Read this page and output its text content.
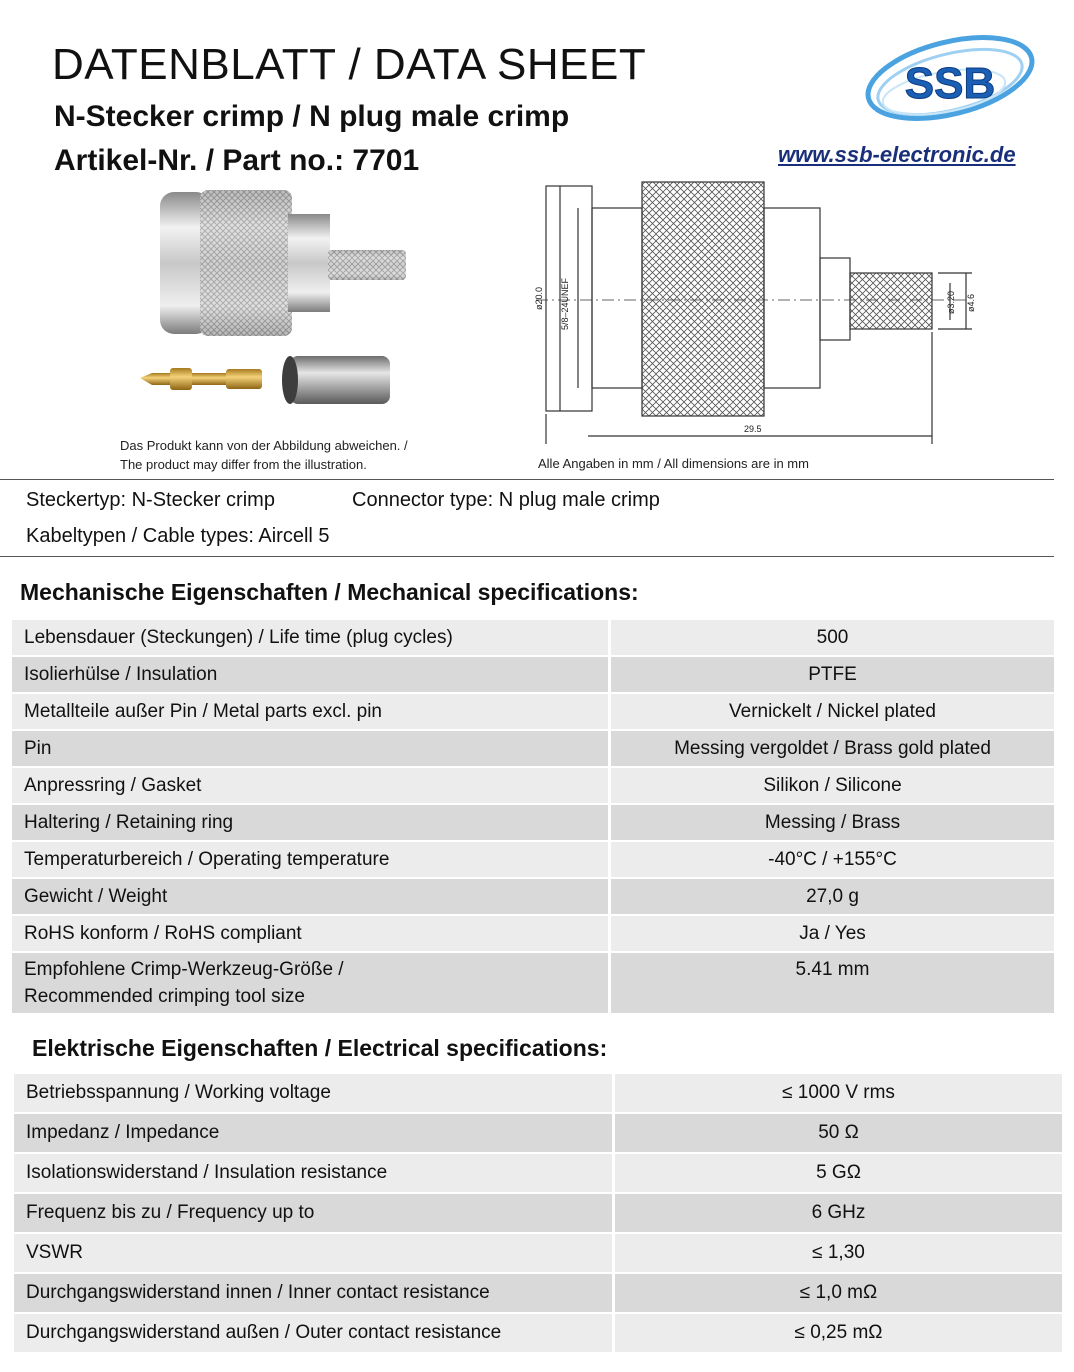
DATENBLATT / DATA SHEET
N-Stecker crimp / N plug male crimp
Artikel-Nr. / Part no.: 7701
SSB
www.ssb-electronic.de
29.5
ø20.0 5/8–24UNEF	ø3.20 ø4.6
Das Produkt kann von der Abbildung abweichen. /
The product may differ from the illustration.	Alle Angaben in mm / All dimensions are in mm
Steckertyp: N-Stecker crimp	Connector type: N plug male crimp
Kabeltypen / Cable types: Aircell 5
Mechanische Eigenschaften / Mechanical specifications:
Lebensdauer (Steckungen) / Life time (plug cycles)	500
Isolierhülse / Insulation	PTFE
Metallteile außer Pin / Metal parts excl. pin	Vernickelt / Nickel plated
Pin	Messing vergoldet / Brass gold plated
Anpressring / Gasket	Silikon / Silicone
Haltering / Retaining ring	Messing / Brass
Temperaturbereich / Operating temperature	-40°C / +155°C
Gewicht / Weight	27,0 g
RoHS konform / RoHS compliant	Ja / Yes

Empfohlene Crimp-Werkzeug-Größe /
Recommended crimping tool size	5.41 mm
Elektrische Eigenschaften / Electrical specifications:
Betriebsspannung / Working voltage	≤ 1000 V rms
Impedanz / Impedance	50 Ω
Isolationswiderstand / Insulation resistance	5 GΩ
Frequenz bis zu / Frequency up to	6 GHz
VSWR	≤ 1,30
Durchgangswiderstand innen / Inner contact resistance	≤ 1,0 mΩ
Durchgangswiderstand außen / Outer contact resistance	≤ 0,25 mΩ
